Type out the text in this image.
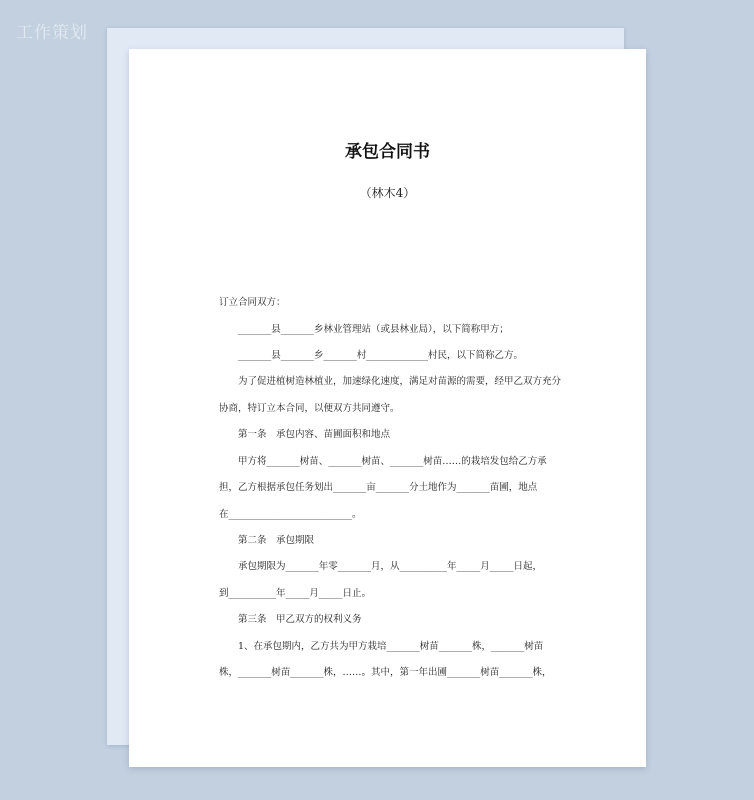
工作策划
承包合同书
（林木4）
订立合同双方：
_______县_______乡林业管理站（或县林业局），以下简称甲方；
_______县_______乡_______村_____________村民，以下简称乙方。
为了促进植树造林植业，加速绿化速度，满足对苗源的需要，经甲乙双方充分
协商，特订立本合同，以便双方共同遵守。
第一条　承包内容、苗圃面积和地点
甲方将_______树苗、_______树苗、_______树苗……的栽培发包给乙方承
担，乙方根据承包任务划出_______亩_______分土地作为_______苗圃，地点
在__________________________。
第二条　承包期限
承包期限为_______年零_______月，从__________年_____月_____日起，
到__________年_____月_____日止。
第三条　甲乙双方的权利义务
1、在承包期内，乙方共为甲方栽培_______树苗_______株，_______树苗
株，_______树苗_______株，……。其中，第一年出圃_______树苗_______株，
